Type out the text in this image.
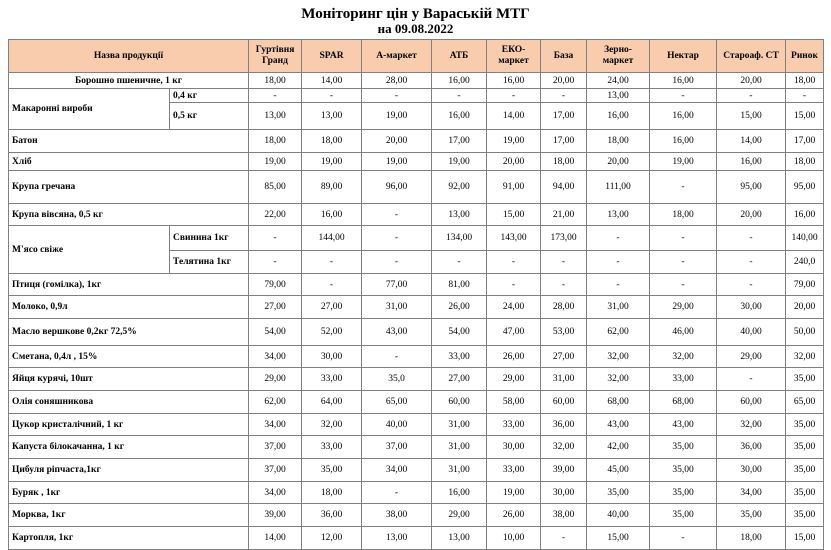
Моніторинг цін у Вараській МТГ
на 09.08.2022
Назва продукції		Гуртівня Гранд	SPAR	А-маркет	АТБ	ЕКО-маркет	База	Зерно-маркет	Нектар	Староаф. СТ	Ринок
Борошно пшеничне, 1 кг		18,00	14,00	28,00	16,00	16,00	20,00	24,00	16,00	20,00	18,00
Макаронні вироби	0,4 кг	-	-	-	-	-	-	13,00	-	-	-
	0,5 кг	13,00	13,00	19,00	16,00	14,00	17,00	16,00	16,00	15,00	15,00
Батон		18,00	18,00	20,00	17,00	19,00	17,00	18,00	16,00	14,00	17,00
Хліб		19,00	19,00	19,00	19,00	20,00	18,00	20,00	19,00	16,00	18,00
Крупа гречана		85,00	89,00	96,00	92,00	91,00	94,00	111,00	-	95,00	95,00
Крупа вівсяна, 0,5 кг		22,00	16,00	-	13,00	15,00	21,00	13,00	18,00	20,00	16,00
М'ясо свіже	Свинина 1кг	-	144,00	-	134,00	143,00	173,00	-	-	-	140,00
	Телятина 1кг	-	-	-	-	-	-	-	-	-	240,0
Птиця (гомілка), 1кг		79,00	-	77,00	81,00	-	-	-	-	-	79,00
Молоко, 0,9л		27,00	27,00	31,00	26,00	24,00	28,00	31,00	29,00	30,00	20,00
Масло вершкове 0,2кг 72,5%		54,00	52,00	43,00	54,00	47,00	53,00	62,00	46,00	40,00	50,00
Сметана, 0,4л , 15%		34,00	30,00	-	33,00	26,00	27,00	32,00	32,00	29,00	32,00
Яйця курячі, 10шт		29,00	33,00	35,0	27,00	29,00	31,00	32,00	33,00	-	35,00
Олія соняшникова		62,00	64,00	65,00	60,00	58,00	60,00	68,00	68,00	60,00	65,00
Цукор кристалічний, 1 кг		34,00	32,00	40,00	31,00	33,00	36,00	43,00	43,00	32,00	35,00
Капуста білокачанна, 1 кг		37,00	33,00	37,00	31,00	30,00	32,00	42,00	35,00	36,00	35,00
Цибуля ріпчаста,1кг		37,00	35,00	34,00	31,00	33,00	39,00	45,00	35,00	30,00	35,00
Буряк , 1кг		34,00	18,00	-	16,00	19,00	30,00	35,00	35,00	34,00	35,00
Морква, 1кг		39,00	36,00	38,00	29,00	26,00	38,00	40,00	35,00	35,00	35,00
Картопля, 1кг		14,00	12,00	13,00	13,00	10,00	-	15,00	-	18,00	15,00
